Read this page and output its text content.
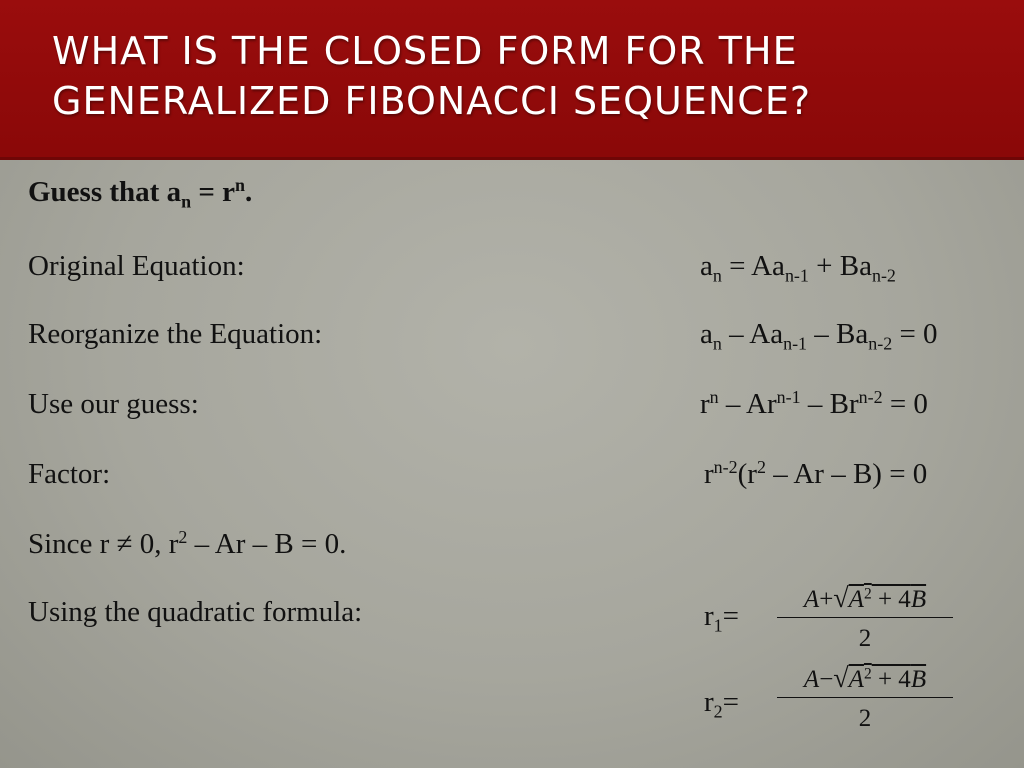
WHAT IS THE CLOSED FORM FOR THE GENERALIZED FIBONACCI SEQUENCE?
Guess that $a_n = r^n$.
Original Equation:	$a_n = Aa_{n-1} + Ba_{n-2}$
Reorganize the Equation:	$a_n - Aa_{n-1} - Ba_{n-2} = 0$
Use our guess:	$r^n - Ar^{n-1} - Br^{n-2} = 0$
Factor:	$r^{n-2}(r^2 - Ar - B) = 0$
Since r ≠ 0, $r^2 - Ar - B = 0$.
Using the quadratic formula:	$r_1=$
$A+√A^2 + 4B$
2
$r_2=$
$A-√A^2 + 4B$
2
